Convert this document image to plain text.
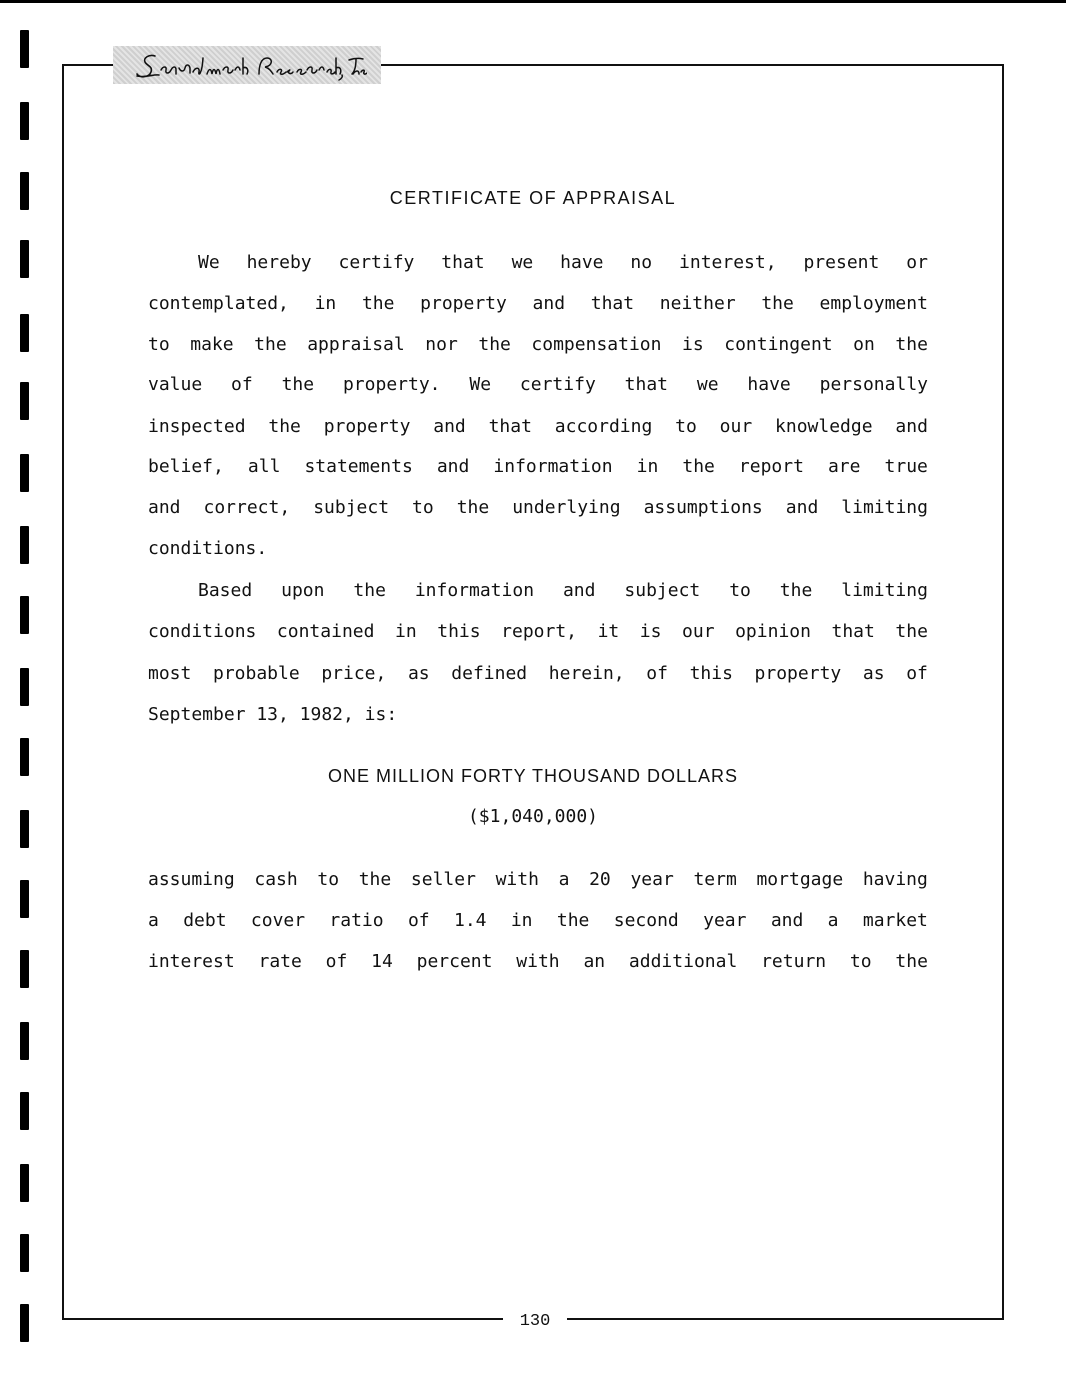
CERTIFICATE OF APPRAISAL
We hereby certify that we have no interest, present or
contemplated, in the property and that neither the employment
to make the appraisal nor the compensation is contingent on the
value of the property. We certify that we have personally
inspected the property and that according to our knowledge and
belief, all statements and information in the report are true
and correct, subject to the underlying assumptions and limiting
conditions.
Based upon the information and subject to the limiting
conditions contained in this report, it is our opinion that the
most probable price, as defined herein, of this property as of
September 13, 1982, is:
ONE MILLION FORTY THOUSAND DOLLARS
($1,040,000)
assuming cash to the seller with a 20 year term mortgage having
a debt cover ratio of 1.4 in the second year and a market
interest rate of 14 percent with an additional return to the
130
